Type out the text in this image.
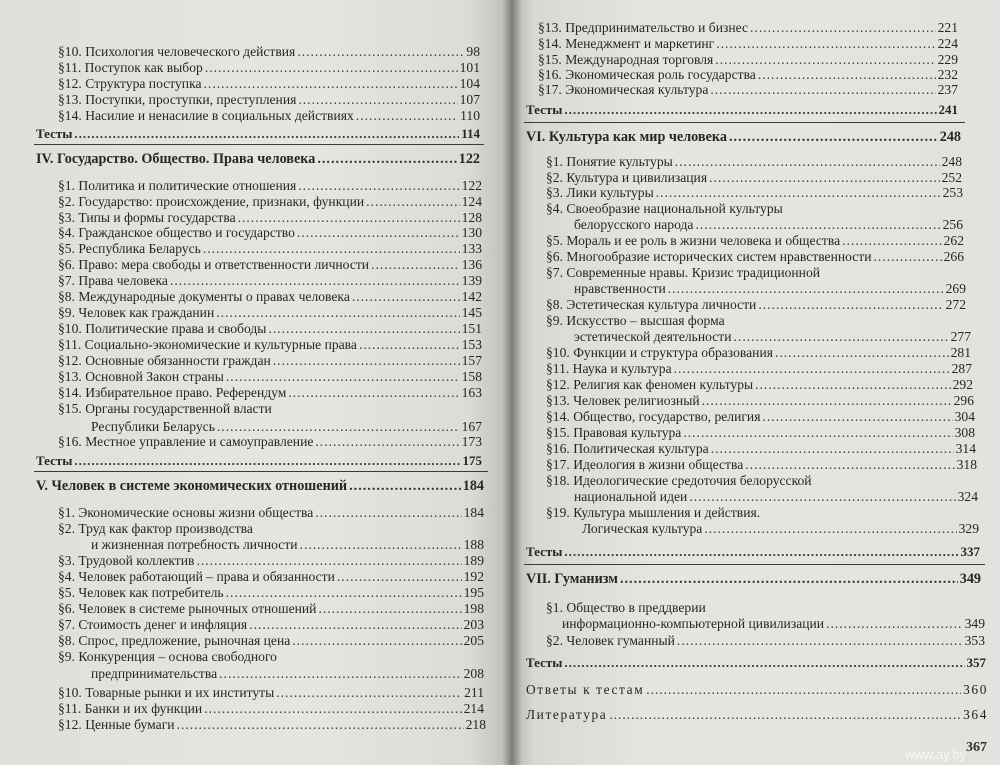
367
www.ay.by
§10. Психология человеческого действия .....	98
§11. Поступок как выбор .....	101
§12. Структура поступка .....	104
§13. Поступки, проступки, преступления .....	107
§14. Насилие и ненасилие в социальных действиях .....	110
Тесты .....	114
IV. Государство. Общество. Права человека .....	122
§1. Политика и политические отношения .....	122
§2. Государство: происхождение, признаки, функции .....	124
§3. Типы и формы государства .....	128
§4. Гражданское общество и государство .....	130
§5. Республика Беларусь .....	133
§6. Право: мера свободы и ответственности личности .....	136
§7. Права человека .....	139
§8. Международные документы о правах человека .....	142
§9. Человек как гражданин .....	145
§10. Политические права и свободы .....	151
§11. Социально-экономические и культурные права .....	153
§12. Основные обязанности граждан .....	157
§13. Основной Закон страны .....	158
§14. Избирательное право. Референдум .....	163
§15. Органы государственной власти
Республики Беларусь .....	167
§16. Местное управление и самоуправление .....	173
Тесты .....	175
V. Человек в системе экономических отношений .....	184
§1. Экономические основы жизни общества .....	184
§2. Труд как фактор производства
и жизненная потребность личности .....	188
§3. Трудовой коллектив .....	189
§4. Человек работающий – права и обязанности .....	192
§5. Человек как потребитель .....	195
§6. Человек в системе рыночных отношений .....	198
§7. Стоимость денег и инфляция .....	203
§8. Спрос, предложение, рыночная цена .....	205
§9. Конкуренция – основа свободного
предпринимательства .....	208
§10. Товарные рынки и их институты .....	211
§11. Банки и их функции .....	214
§12. Ценные бумаги .....	218
§13. Предпринимательство и бизнес .....	221
§14. Менеджмент и маркетинг .....	224
§15. Международная торговля .....	229
§16. Экономическая роль государства .....	232
§17. Экономическая культура .....	237
Тесты .....	241
VI. Культура как мир человека .....	248
§1. Понятие культуры .....	248
§2. Культура и цивилизация .....	252
§3. Лики культуры .....	253
§4. Своеобразие национальной культуры
белорусского народа .....	256
§5. Мораль и ее роль в жизни человека и общества .....	262
§6. Многообразие исторических систем нравственности .....	266
§7. Современные нравы. Кризис традиционной
нравственности .....	269
§8. Эстетическая культура личности .....	272
§9. Искусство – высшая форма
эстетической деятельности .....	277
§10. Функции и структура образования .....	281
§11. Наука и культура .....	287
§12. Религия как феномен культуры .....	292
§13. Человек религиозный .....	296
§14. Общество, государство, религия .....	304
§15. Правовая культура .....	308
§16. Политическая культура .....	314
§17. Идеология в жизни общества .....	318
§18. Идеологические средоточия белорусской
национальной идеи .....	324
§19. Культура мышления и действия.
Логическая культура .....	329
Тесты .....	337
VII. Гуманизм .....	349
§1. Общество в преддверии
информационно-компьютерной цивилизации .....	349
§2. Человек гуманный .....	353
Тесты .....	357
Ответы к тестам .....	360
Литература .....	364
